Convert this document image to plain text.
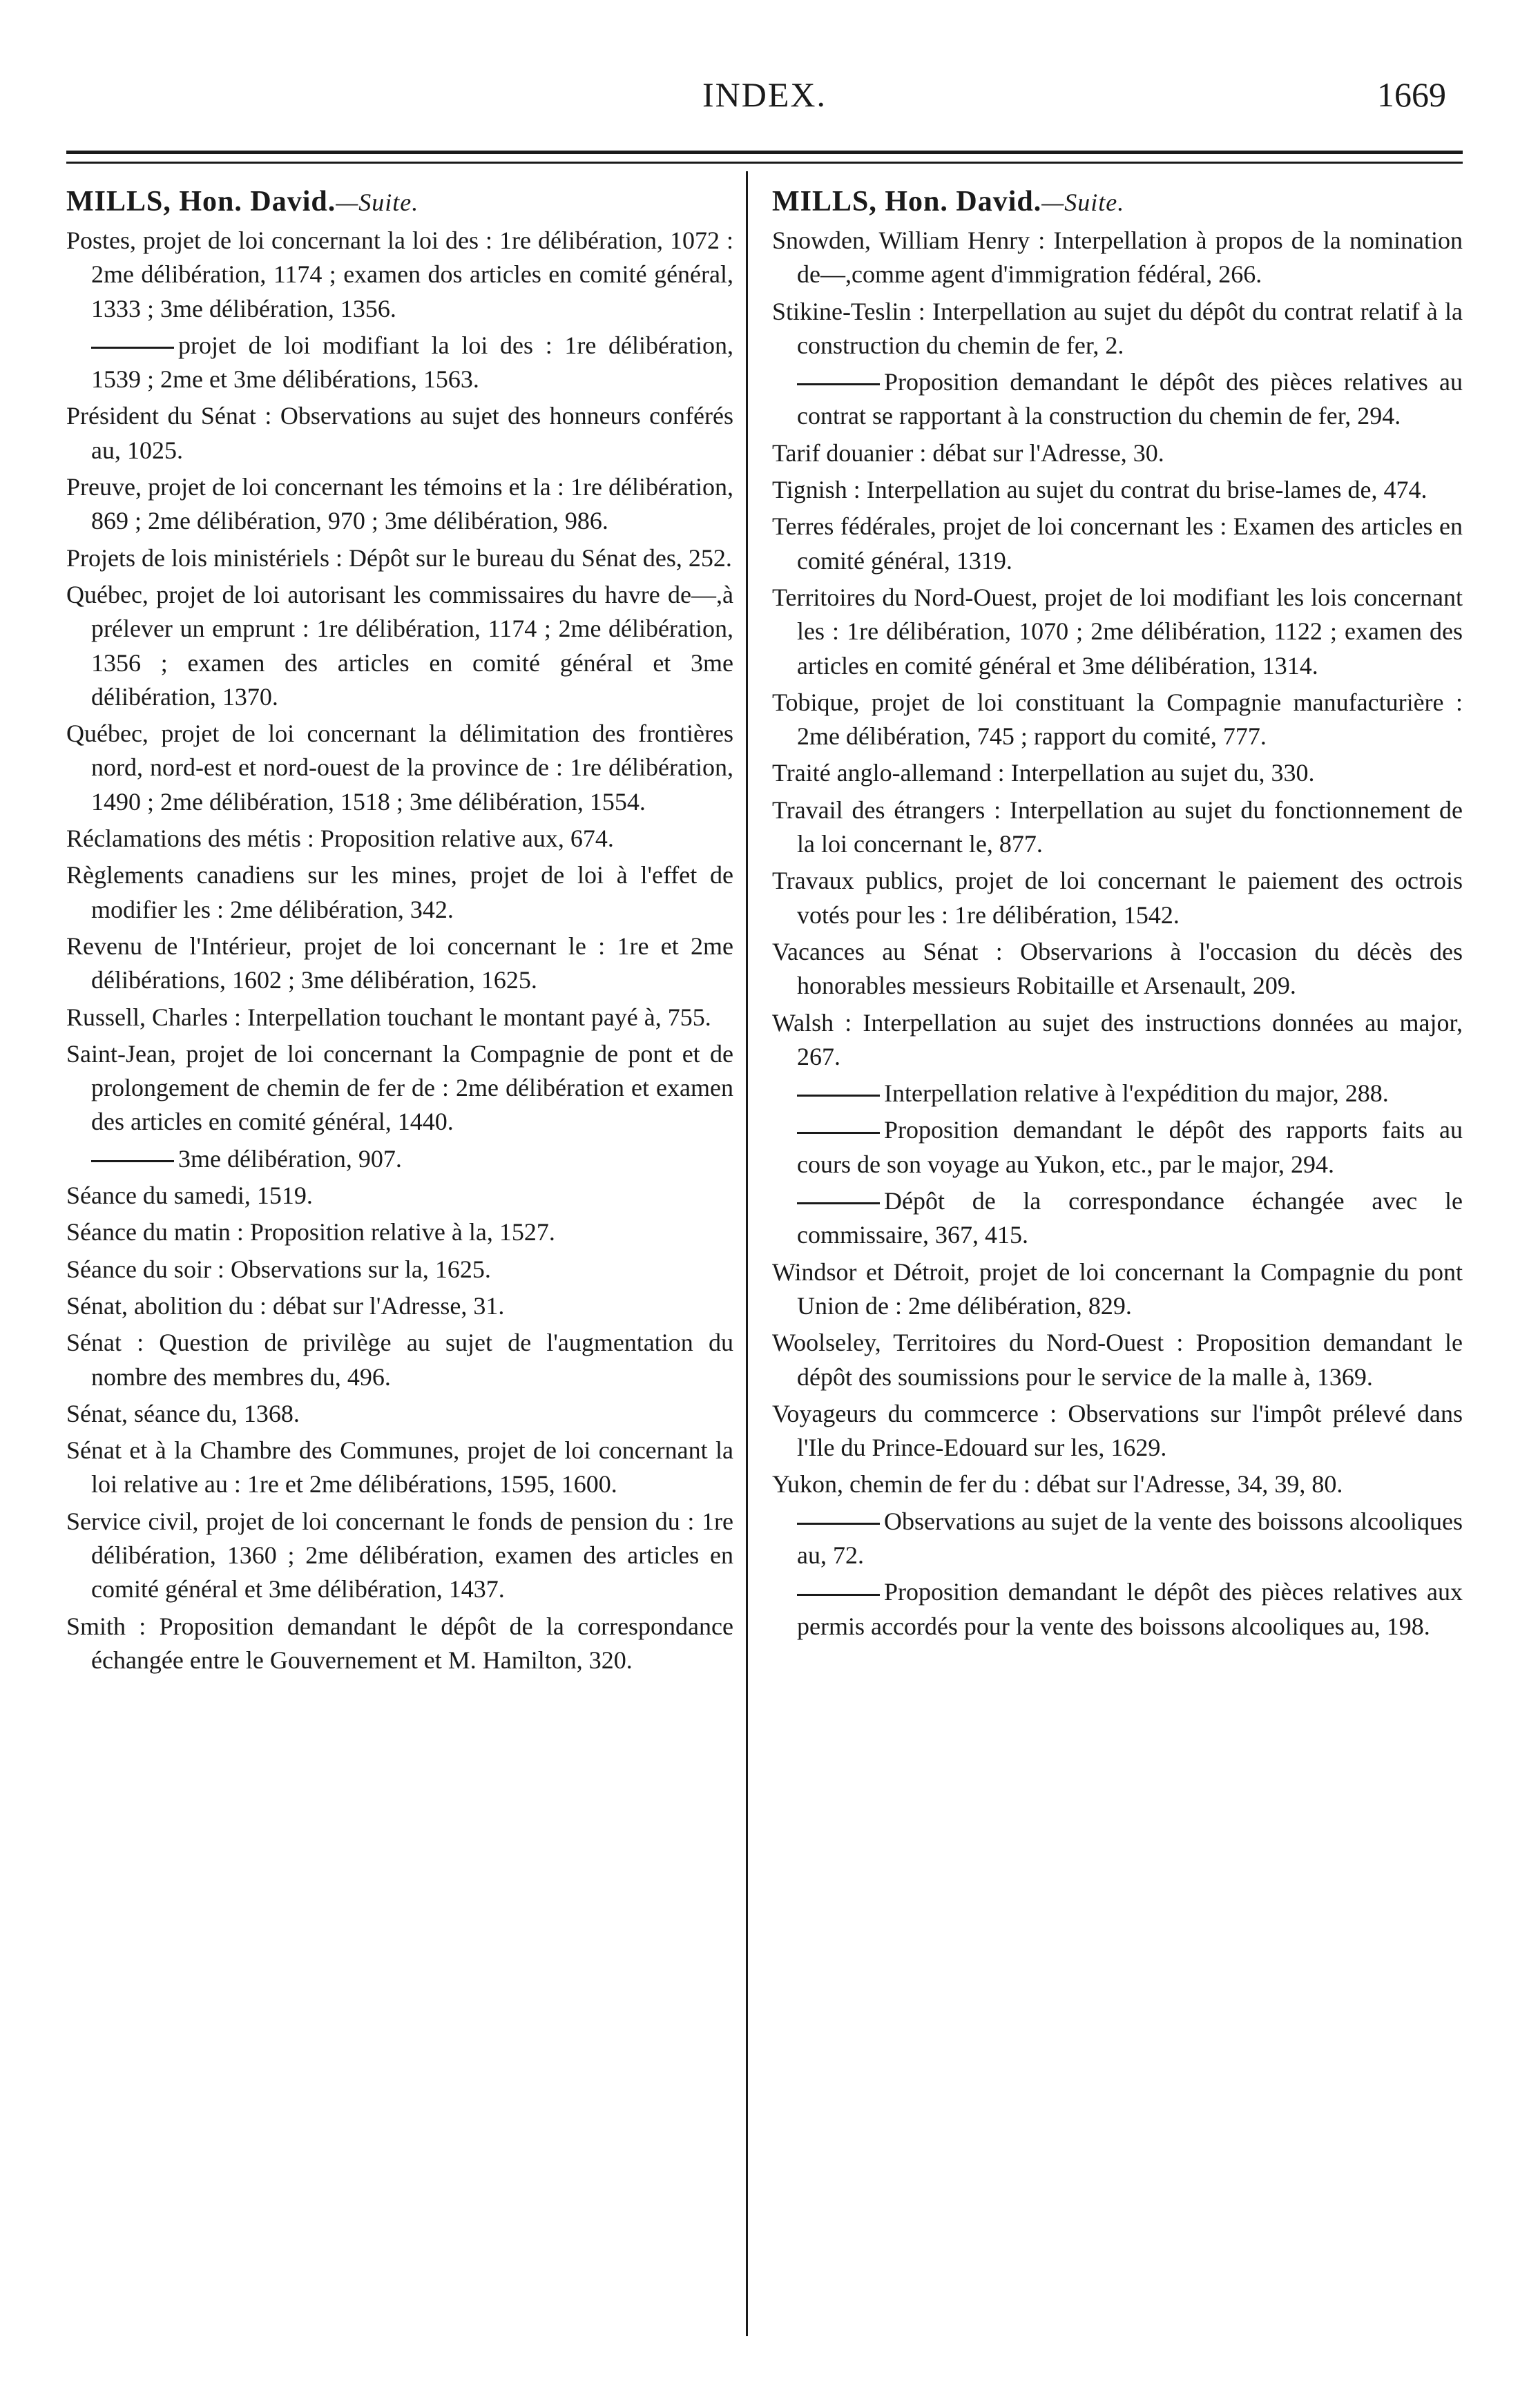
INDEX.	1669
MILLS, Hon. David.—Suite.
Postes, projet de loi concernant la loi des : 1re délibération, 1072 : 2me délibération, 1174 ; examen dos articles en comité général, 1333 ; 3me délibération, 1356.
projet de loi modifiant la loi des : 1re délibération, 1539 ; 2me et 3me délibérations, 1563.
Président du Sénat : Observations au sujet des honneurs conférés au, 1025.
Preuve, projet de loi concernant les témoins et la : 1re délibération, 869 ; 2me délibération, 970 ; 3me délibération, 986.
Projets de lois ministériels : Dépôt sur le bureau du Sénat des, 252.
Québec, projet de loi autorisant les commissaires du havre de—,à prélever un emprunt : 1re délibération, 1174 ; 2me délibération, 1356 ; examen des articles en comité général et 3me délibération, 1370.
Québec, projet de loi concernant la délimitation des frontières nord, nord-est et nord-ouest de la province de : 1re délibération, 1490 ; 2me délibération, 1518 ; 3me délibération, 1554.
Réclamations des métis : Proposition relative aux, 674.
Règlements canadiens sur les mines, projet de loi à l'effet de modifier les : 2me délibération, 342.
Revenu de l'Intérieur, projet de loi concernant le : 1re et 2me délibérations, 1602 ; 3me délibération, 1625.
Russell, Charles : Interpellation touchant le montant payé à, 755.
Saint-Jean, projet de loi concernant la Compagnie de pont et de prolongement de chemin de fer de : 2me délibération et examen des articles en comité général, 1440.
3me délibération, 907.
Séance du samedi, 1519.
Séance du matin : Proposition relative à la, 1527.
Séance du soir : Observations sur la, 1625.
Sénat, abolition du : débat sur l'Adresse, 31.
Sénat : Question de privilège au sujet de l'augmentation du nombre des membres du, 496.
Sénat, séance du, 1368.
Sénat et à la Chambre des Communes, projet de loi concernant la loi relative au : 1re et 2me délibérations, 1595, 1600.
Service civil, projet de loi concernant le fonds de pension du : 1re délibération, 1360 ; 2me délibération, examen des articles en comité général et 3me délibération, 1437.
Smith : Proposition demandant le dépôt de la correspondance échangée entre le Gouvernement et M. Hamilton, 320.
MILLS, Hon. David.—Suite.
Snowden, William Henry : Interpellation à propos de la nomination de—,comme agent d'immigration fédéral, 266.
Stikine-Teslin : Interpellation au sujet du dépôt du contrat relatif à la construction du chemin de fer, 2.
Proposition demandant le dépôt des pièces relatives au contrat se rapportant à la construction du chemin de fer, 294.
Tarif douanier : débat sur l'Adresse, 30.
Tignish : Interpellation au sujet du contrat du brise-lames de, 474.
Terres fédérales, projet de loi concernant les : Examen des articles en comité général, 1319.
Territoires du Nord-Ouest, projet de loi modifiant les lois concernant les : 1re délibération, 1070 ; 2me délibération, 1122 ; examen des articles en comité général et 3me délibération, 1314.
Tobique, projet de loi constituant la Compagnie manufacturière : 2me délibération, 745 ; rapport du comité, 777.
Traité anglo-allemand : Interpellation au sujet du, 330.
Travail des étrangers : Interpellation au sujet du fonctionnement de la loi concernant le, 877.
Travaux publics, projet de loi concernant le paiement des octrois votés pour les : 1re délibération, 1542.
Vacances au Sénat : Observarions à l'occasion du décès des honorables messieurs Robitaille et Arsenault, 209.
Walsh : Interpellation au sujet des instructions données au major, 267.
Interpellation relative à l'expédition du major, 288.
Proposition demandant le dépôt des rapports faits au cours de son voyage au Yukon, etc., par le major, 294.
Dépôt de la correspondance échangée avec le commissaire, 367, 415.
Windsor et Détroit, projet de loi concernant la Compagnie du pont Union de : 2me délibération, 829.
Woolseley, Territoires du Nord-Ouest : Proposition demandant le dépôt des soumissions pour le service de la malle à, 1369.
Voyageurs du commcerce : Observations sur l'impôt prélevé dans l'Ile du Prince-Edouard sur les, 1629.
Yukon, chemin de fer du : débat sur l'Adresse, 34, 39, 80.
Observations au sujet de la vente des boissons alcooliques au, 72.
Proposition demandant le dépôt des pièces relatives aux permis accordés pour la vente des boissons alcooliques au, 198.
